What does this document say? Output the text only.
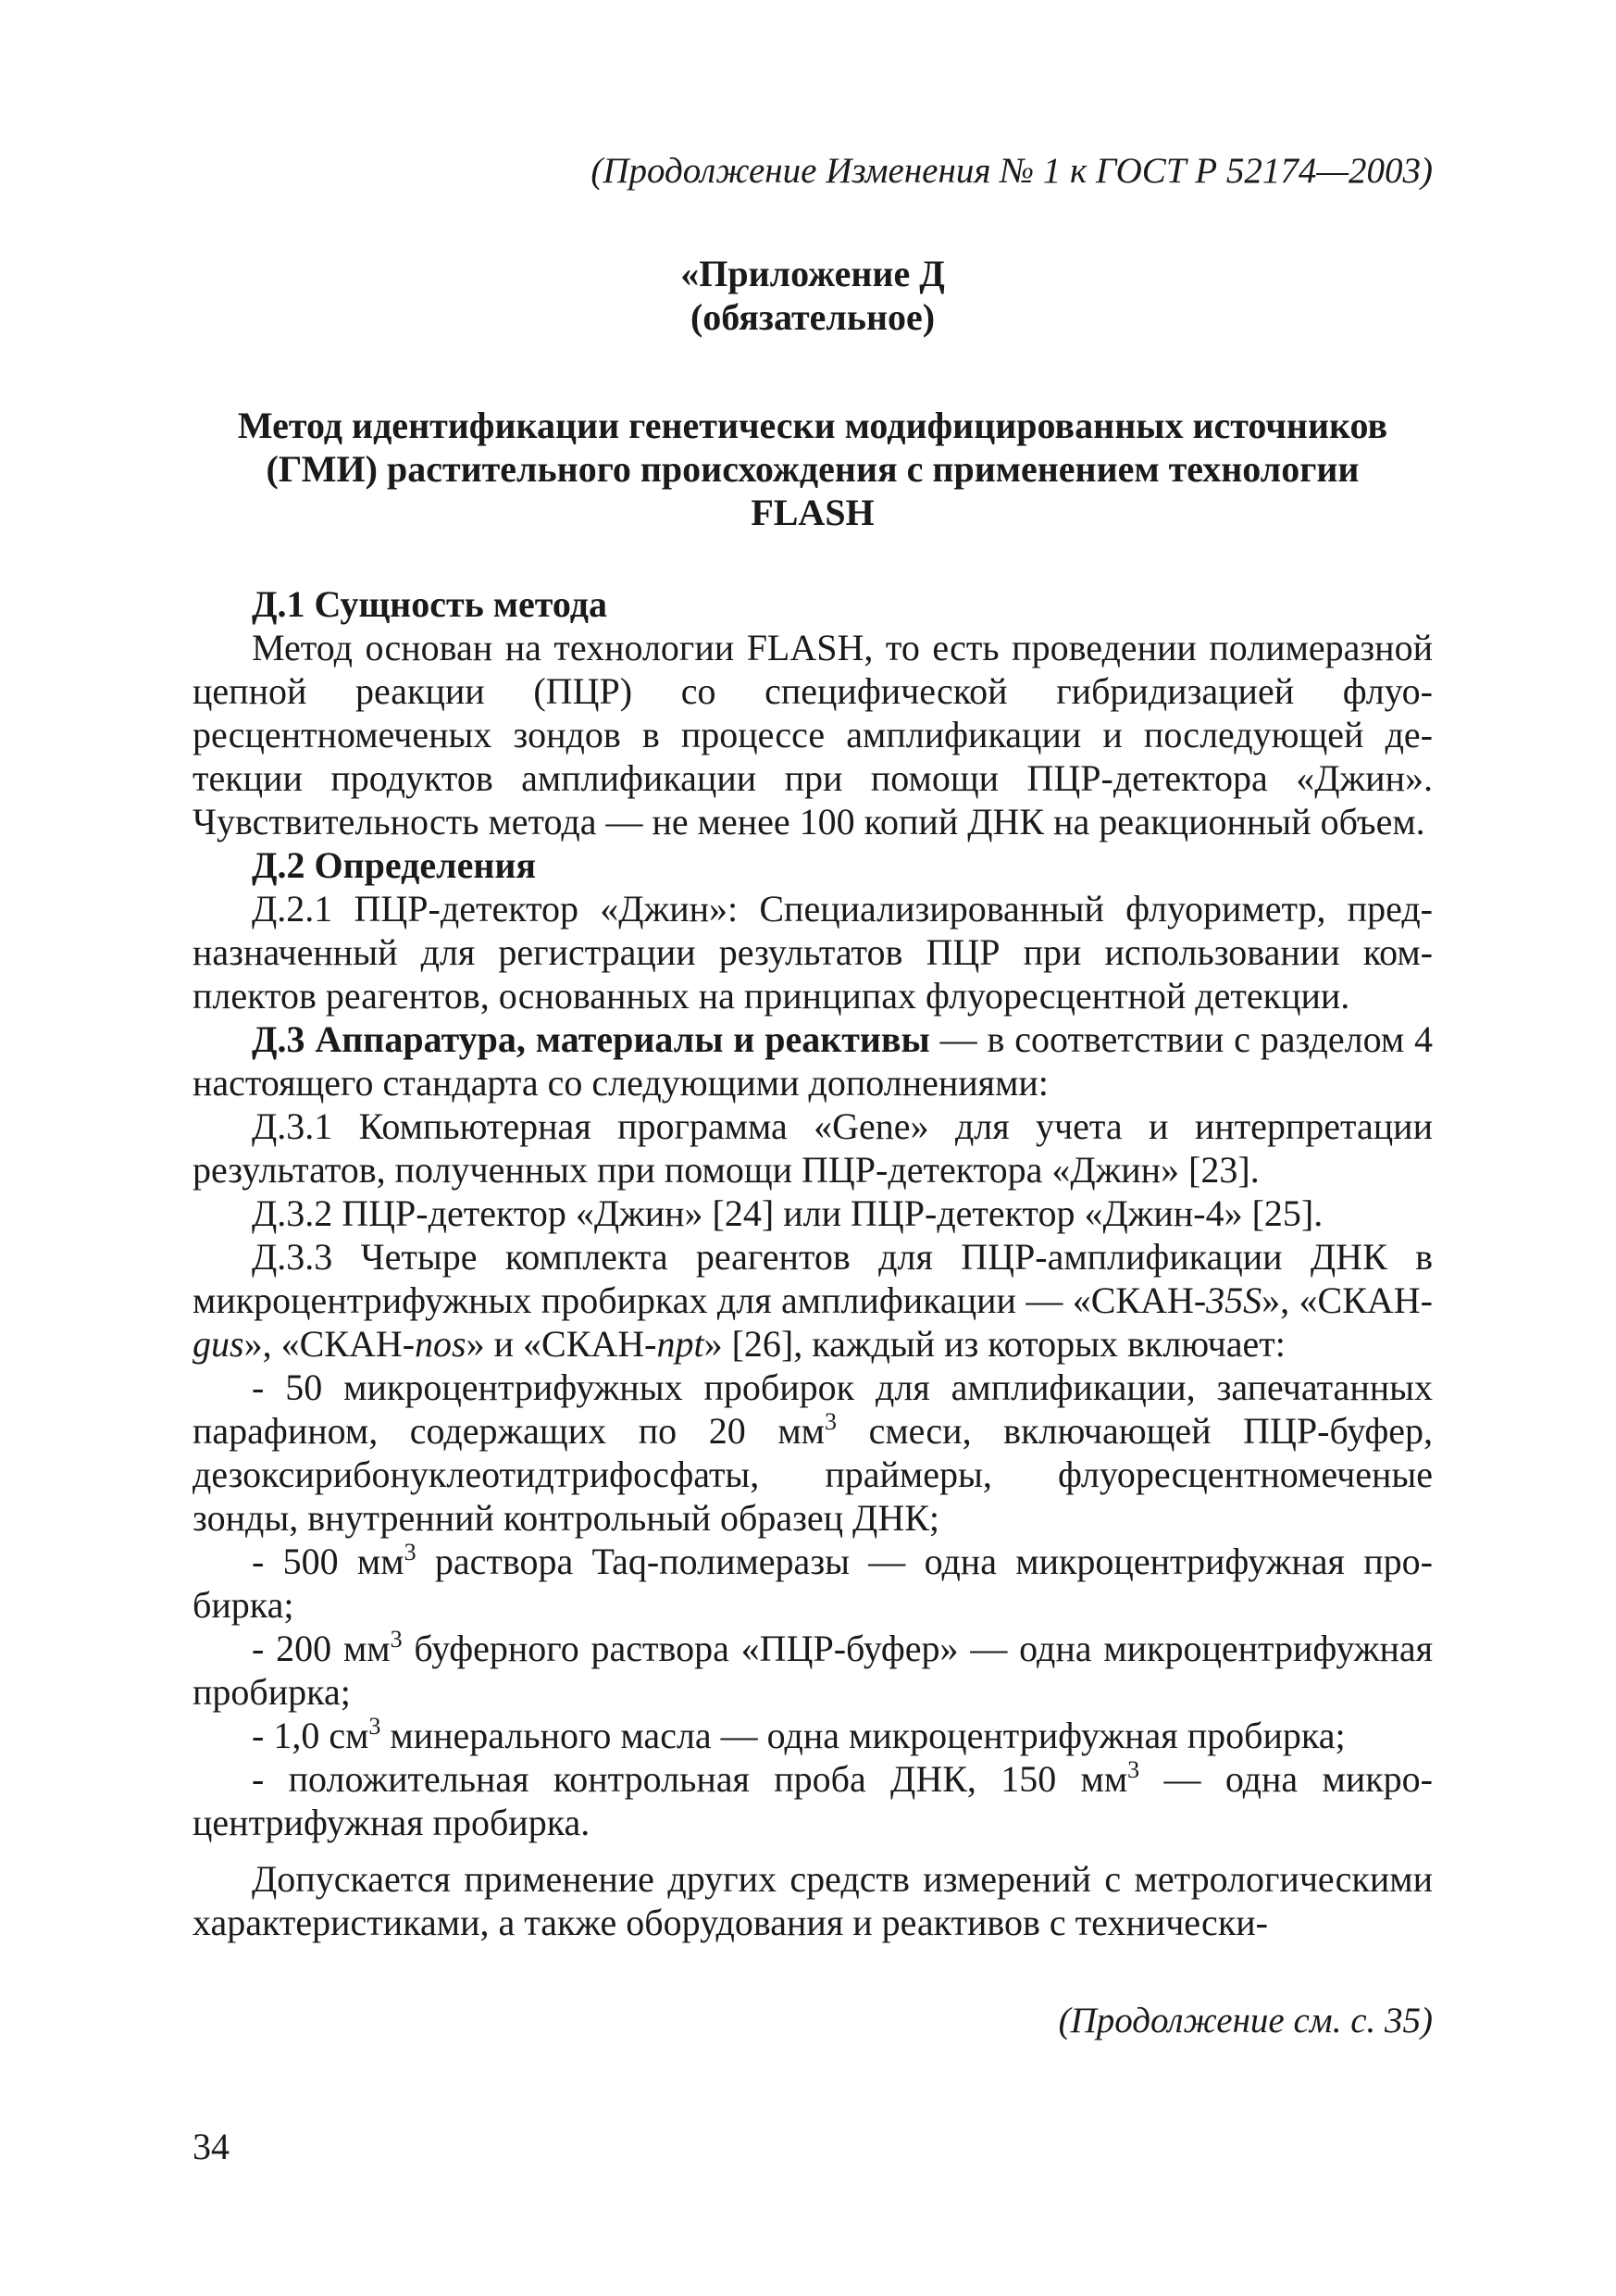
(Продолжение Изменения № 1 к ГОСТ Р 52174—2003)

«Приложение Д

(обязательное)

Метод идентификации генетически модифицированных источников

(ГМИ) растительного происхождения с применением технологии

FLASH

Д.1 Сущность метода

Метод основан на технологии FLASH, то есть проведении полимеразной цепной реакции (ПЦР) со специфической гибридизацией флуоресцентномеченых зондов в процессе амплификации и последующей детекции продуктов амплификации при помощи ПЦР-детектора «Джин». Чувствительность метода — не менее 100 копий ДНК на реакционный объем.

Д.2 Определения

Д.2.1 ПЦР-детектор «Джин»: Специализированный флуориметр, предназначенный для регистрации результатов ПЦР при использовании комплектов реагентов, основанных на принципах флуоресцентной детекции.

Д.3 Аппаратура, материалы и реактивы — в соответствии с разделом 4 настоящего стандарта со следующими дополнениями:

Д.3.1 Компьютерная программа «Gene» для учета и интерпретации результатов, полученных при помощи ПЦР-детектора «Джин» [23].

Д.3.2 ПЦР-детектор «Джин» [24] или ПЦР-детектор «Джин-4» [25].

Д.3.3 Четыре комплекта реагентов для ПЦР-амплификации ДНК в микроцентрифужных пробирках для амплификации — «СКАН-35S», «СКАН-gus», «СКАН-nos» и «СКАН-npt» [26], каждый из которых включает:

- 50 микроцентрифужных пробирок для амплификации, запечатанных парафином, содержащих по 20 $мм^3$ смеси, включающей ПЦР-буфер, дезоксирибонуклеотидтрифосфаты, праймеры, флуоресцентномеченые зонды, внутренний контрольный образец ДНК;

- 500 $мм^3$ раствора Taq-полимеразы — одна микроцентрифужная пробирка;

- 200 $мм^3$ буферного раствора «ПЦР-буфер» — одна микроцентрифужная пробирка;

- 1,0 $см^3$ минерального масла — одна микроцентрифужная пробирка;

- положительная контрольная проба ДНК, 150 $мм^3$ — одна микроцентрифужная пробирка.

Допускается применение других средств измерений с метрологическими характеристиками, а также оборудования и реактивов с технически-

(Продолжение см. с. 35)
34
